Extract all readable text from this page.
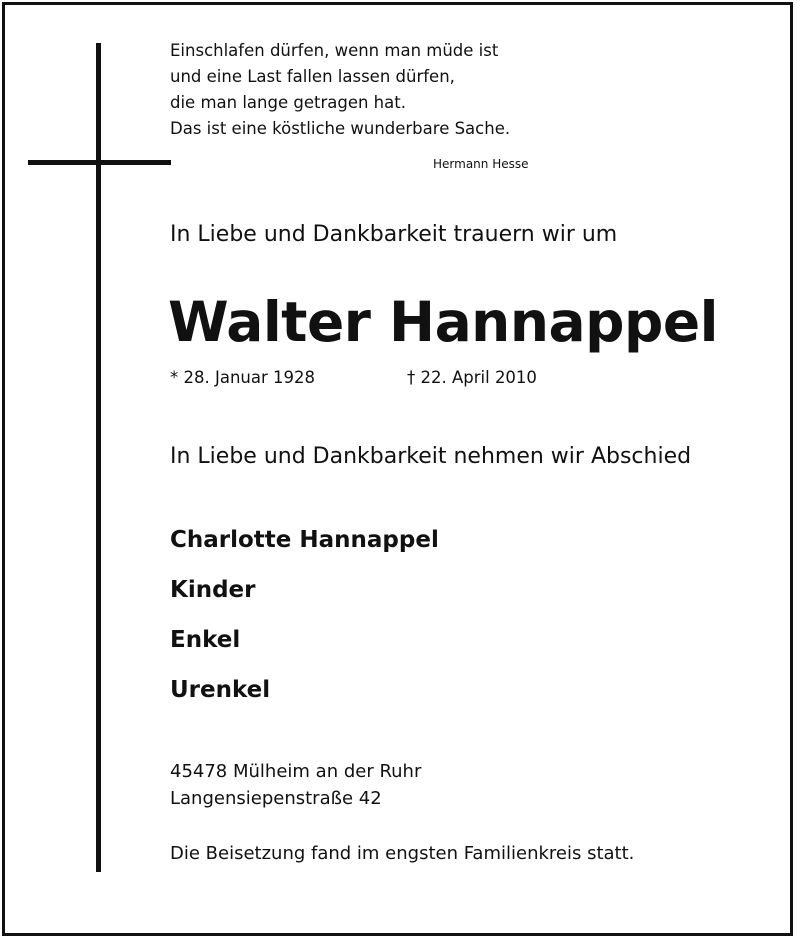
Einschlafen dürfen, wenn man müde ist
und eine Last fallen lassen dürfen,
die man lange getragen hat.
Das ist eine köstliche wunderbare Sache.
Hermann Hesse
In Liebe und Dankbarkeit trauern wir um
Walter Hannappel
* 28. Januar 1928	† 22. April 2010
In Liebe und Dankbarkeit nehmen wir Abschied
Charlotte Hannappel
Kinder
Enkel
Urenkel
45478 Mülheim an der Ruhr
Langensiepenstraße 42
Die Beisetzung fand im engsten Familienkreis statt.
